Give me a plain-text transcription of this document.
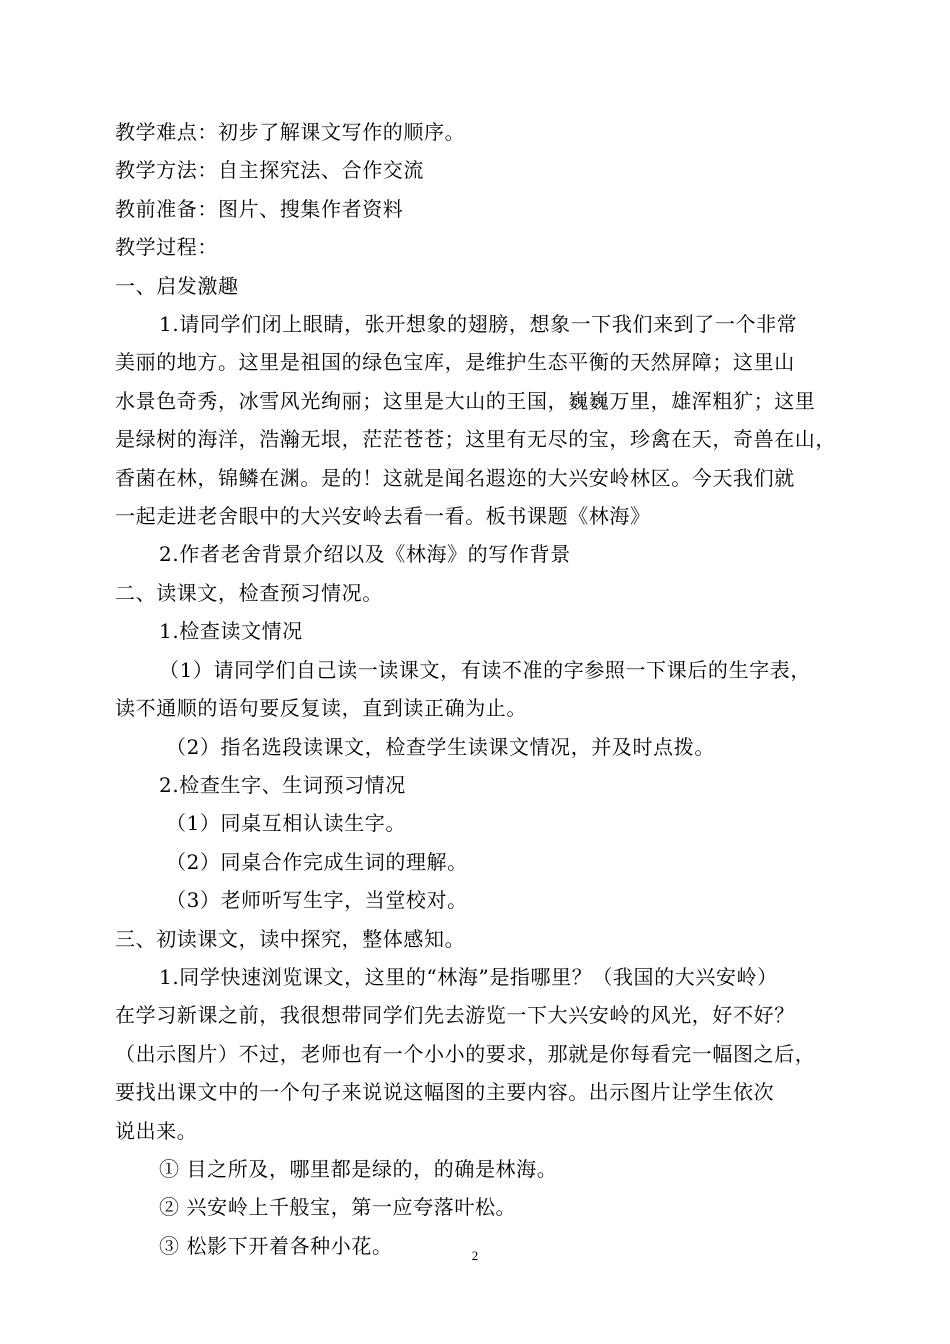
教学难点：初步了解课文写作的顺序。
教学方法：自主探究法、合作交流
教前准备：图片、搜集作者资料
教学过程：
一、启发激趣
1.请同学们闭上眼睛，张开想象的翅膀，想象一下我们来到了一个非常
美丽的地方。这里是祖国的绿色宝库，是维护生态平衡的天然屏障；这里山
水景色奇秀，冰雪风光绚丽；这里是大山的王国，巍巍万里，雄浑粗犷；这里
是绿树的海洋，浩瀚无垠，茫茫苍苍；这里有无尽的宝，珍禽在天，奇兽在山，
香菌在林，锦鳞在渊。是的！这就是闻名遐迩的大兴安岭林区。今天我们就
一起走进老舍眼中的大兴安岭去看一看。板书课题《林海》
2.作者老舍背景介绍以及《林海》的写作背景
二、读课文，检查预习情况。
1.检查读文情况
（1）请同学们自己读一读课文，有读不准的字参照一下课后的生字表，
读不通顺的语句要反复读，直到读正确为止。
（2）指名选段读课文，检查学生读课文情况，并及时点拨。
2.检查生字、生词预习情况
（1）同桌互相认读生字。
（2）同桌合作完成生词的理解。
（3）老师听写生字，当堂校对。
三、初读课文，读中探究，整体感知。
1.同学快速浏览课文，这里的“林海”是指哪里？（我国的大兴安岭）
在学习新课之前，我很想带同学们先去游览一下大兴安岭的风光，好不好？
（出示图片）不过，老师也有一个小小的要求，那就是你每看完一幅图之后，
要找出课文中的一个句子来说说这幅图的主要内容。出示图片让学生依次
说出来。
① 目之所及，哪里都是绿的，的确是林海。
② 兴安岭上千般宝，第一应夸落叶松。
③ 松影下开着各种小花。	2
